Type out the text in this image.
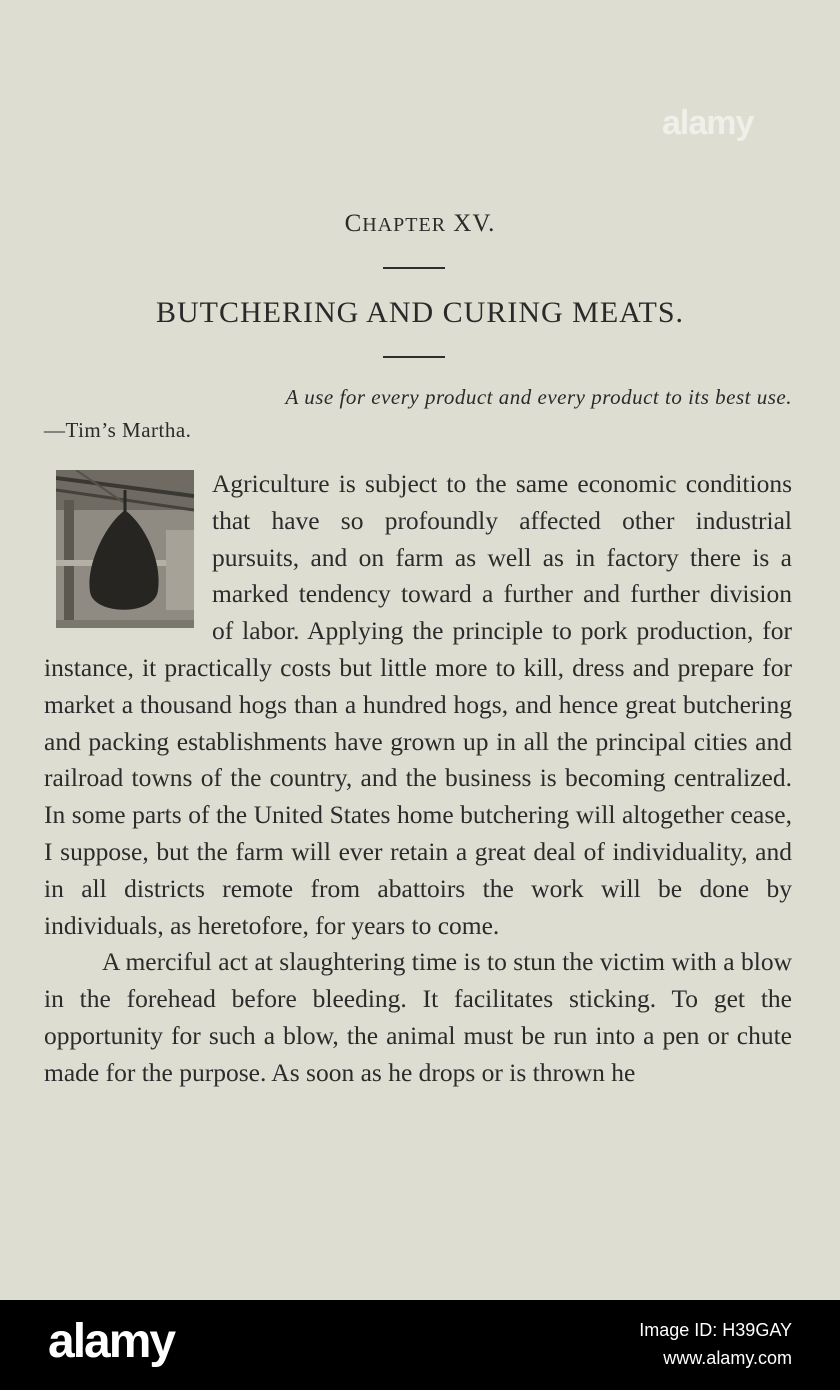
alamy
CHAPTER XV.
BUTCHERING AND CURING MEATS.
A use for every product and every product to its best use.
—Tim’s Martha.

Agriculture is subject to the same economic conditions that have so profoundly affected other industrial pursuits, and on farm as well as in factory there is a marked tendency toward a further and further division of labor. Applying the principle to pork production, for instance, it practically costs but little more to kill, dress and prepare for market a thousand hogs than a hundred hogs, and hence great butchering and packing establishments have grown up in all the principal cities and railroad towns of the country, and the business is becoming centralized. In some parts of the United States home butchering will altogether cease, I suppose, but the farm will ever retain a great deal of individuality, and in all districts remote from abattoirs the work will be done by individuals, as heretofore, for years to come.

A merciful act at slaughtering time is to stun the victim with a blow in the forehead before bleeding. It facilitates sticking. To get the opportunity for such a blow, the animal must be run into a pen or chute made for the purpose. As soon as he drops or is thrown he

alamy	Image ID: H39GAY
www.alamy.com
